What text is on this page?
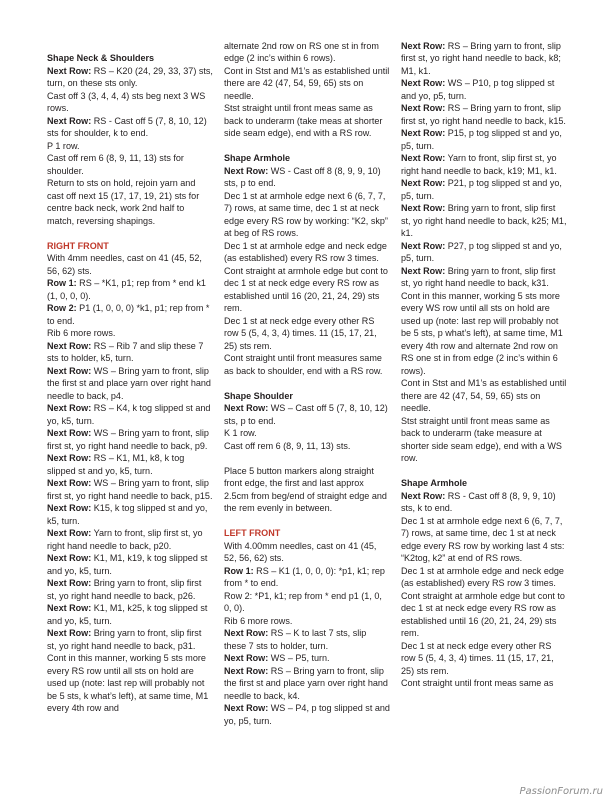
Shape Neck & Shoulders

Next Row: RS – K20 (24, 29, 33, 37) sts, turn, on these sts only.

Cast off 3 (3, 4, 4, 4) sts beg next 3 WS rows.

Next Row: RS - Cast off 5 (7, 8, 10, 12) sts for shoulder, k to end.

P 1 row.

Cast off rem 6 (8, 9, 11, 13) sts for shoulder.

Return to sts on hold, rejoin yarn and cast off next 15 (17, 17, 19, 21) sts for centre back neck, work 2nd half to match, reversing shapings.

RIGHT FRONT

With 4mm needles, cast on 41 (45, 52, 56, 62) sts.

Row 1: RS – *K1, p1; rep from * end k1 (1, 0, 0, 0).

Row 2: P1 (1, 0, 0, 0) *k1, p1; rep from * to end.

Rib 6 more rows.

Next Row: RS – Rib 7 and slip these 7 sts to holder, k5, turn.

Next Row: WS – Bring yarn to front, slip the first st and place yarn over right hand needle to back, p4.

Next Row: RS – K4, k tog slipped st and yo, k5, turn.

Next Row: WS – Bring yarn to front, slip first st, yo right hand needle to back, p9.

Next Row: RS – K1, M1, k8, k tog slipped st and yo, k5, turn.

Next Row: WS – Bring yarn to front, slip first st, yo right hand needle to back, p15.

Next Row: K15, k tog slipped st and yo, k5, turn.

Next Row: Yarn to front, slip first st, yo right hand needle to back, p20.

Next Row: K1, M1, k19, k tog slipped st and yo, k5, turn.

Next Row: Bring yarn to front, slip first st, yo right hand needle to back, p26.

Next Row: K1, M1, k25, k tog slipped st and yo, k5, turn.

Next Row: Bring yarn to front, slip first st, yo right hand needle to back, p31.

Cont in this manner, working 5 sts more every RS row until all sts on hold are used up (note: last rep will probably not be 5 sts, k what’s left), at same time, M1 every 4th row and

alternate 2nd row on RS one st in from edge (2 inc’s within 6 rows).

Cont in Stst and M1’s as established until there are 42 (47, 54, 59, 65) sts on needle.

Stst straight until front meas same as back to underarm (take meas at shorter side seam edge), end with a RS row.

Shape Armhole

Next Row: WS - Cast off 8 (8, 9, 9, 10) sts, p to end.

Dec 1 st at armhole edge next 6 (6, 7, 7, 7) rows, at same time, dec 1 st at neck edge every RS row by working: “K2, skp” at beg of RS rows.

Dec 1 st at armhole edge and neck edge (as established) every RS row 3 times.

Cont straight at armhole edge but cont to dec 1 st at neck edge every RS row as established until 16 (20, 21, 24, 29) sts rem.

Dec 1 st at neck edge every other RS row 5 (5, 4, 3, 4) times. 11 (15, 17, 21, 25) sts rem.

Cont straight until front measures same as back to shoulder, end with a RS row.

Shape Shoulder

Next Row: WS – Cast off 5 (7, 8, 10, 12) sts, p to end.

K 1 row.

Cast off rem 6 (8, 9, 11, 13) sts.

Place 5 button markers along straight front edge, the first and last approx 2.5cm from beg/end of straight edge and the rem evenly in between.

LEFT FRONT

With 4.00mm needles, cast on 41 (45, 52, 56, 62) sts.

Row 1: RS – K1 (1, 0, 0, 0): *p1, k1; rep from * to end.

Row 2: *P1, k1; rep from * end p1 (1, 0, 0, 0).

Rib 6 more rows.

Next Row: RS – K to last 7 sts, slip these 7 sts to holder, turn.

Next Row: WS – P5, turn.

Next Row: RS – Bring yarn to front, slip the first st and place yarn over right hand needle to back, k4.

Next Row: WS – P4, p tog slipped st and yo, p5, turn.

Next Row: RS – Bring yarn to front, slip first st, yo right hand needle to back, k8; M1, k1.

Next Row: WS – P10, p tog slipped st and yo, p5, turn.

Next Row: RS – Bring yarn to front, slip first st, yo right hand needle to back, k15.

Next Row: P15, p tog slipped st and yo, p5, turn.

Next Row: Yarn to front, slip first st, yo right hand needle to back, k19; M1, k1.

Next Row: P21, p tog slipped st and yo, p5, turn.

Next Row: Bring yarn to front, slip first st, yo right hand needle to back, k25; M1, k1.

Next Row: P27, p tog slipped st and yo, p5, turn.

Next Row: Bring yarn to front, slip first st, yo right hand needle to back, k31.

Cont in this manner, working 5 sts more every WS row until all sts on hold are used up (note: last rep will probably not be 5 sts, p what’s left), at same time, M1 every 4th row and alternate 2nd row on RS one st in from edge (2 inc’s within 6 rows).

Cont in Stst and M1’s as established until there are 42 (47, 54, 59, 65) sts on needle.

Stst straight until front meas same as back to underarm (take measure at shorter side seam edge), end with a WS row.

Shape Armhole

Next Row: RS - Cast off 8 (8, 9, 9, 10) sts, k to end.

Dec 1 st at armhole edge next 6 (6, 7, 7, 7) rows, at same time, dec 1 st at neck edge every RS row by working last 4 sts: “K2tog, k2” at end of RS rows.

Dec 1 st at armhole edge and neck edge (as established) every RS row 3 times.

Cont straight at armhole edge but cont to dec 1 st at neck edge every RS row as established until 16 (20, 21, 24, 29) sts rem.

Dec 1 st at neck edge every other RS row 5 (5, 4, 3, 4) times. 11 (15, 17, 21, 25) sts rem.

Cont straight until front meas same as

PassionForum.ru
